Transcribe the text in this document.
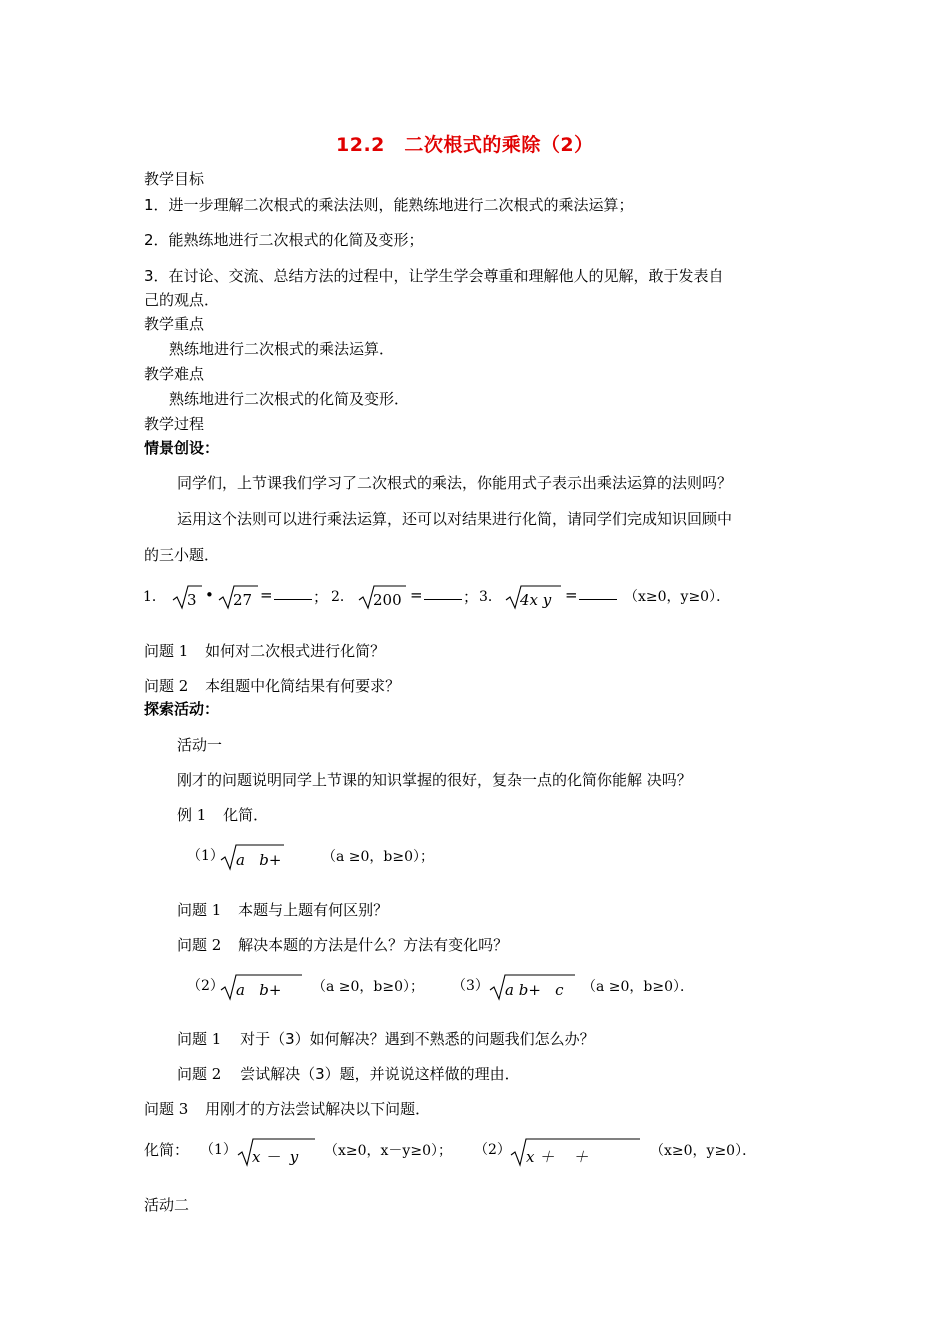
12.2　二次根式的乘除（2）
教学目标
1．进一步理解二次根式的乘法法则，能熟练地进行二次根式的乘法运算；
2．能熟练地进行二次根式的化简及变形；
3．在讨论、交流、总结方法的过程中，让学生学会尊重和理解他人的见解，敢于发表自
己的观点．
教学重点
熟练地进行二次根式的乘法运算．
教学难点
熟练地进行二次根式的化简及变形．
教学过程
情景创设：
同学们，上节课我们学习了二次根式的乘法，你能用式子表示出乘法运算的法则吗？
运用这个法则可以进行乘法运算，还可以对结果进行化简，请同学们完成知识回顾中
的三小题．
1． 3 • 27 =	； 2． 200 =	； 3． 4x y =	（x≥0，y≥0）．
问题 1 如何对二次根式进行化简？
问题 2 本组题中化简结果有何要求？
探索活动：
活动一
刚才的问题说明同学上节课的知识掌握的很好，复杂一点的化简你能解 决吗？
例 1 化简．
（1） a   b+	（a ≥0，b≥0）；
问题 1 本题与上题有何区别？
问题 2 解决本题的方法是什么？方法有变化吗？
（2） a   b+ （a ≥0，b≥0）； （3） a b+   c （a ≥0，b≥0）．
问题 1 对于（3）如何解决？遇到不熟悉的问题我们怎么办？
问题 2 尝试解决（3）题，并说说这样做的理由．
问题 3 用刚才的方法尝试解决以下问题．
化简： （1） x －  y （x≥0，x－y≥0）； （2） x ＋    ＋	（x≥0，y≥0）．
活动二
